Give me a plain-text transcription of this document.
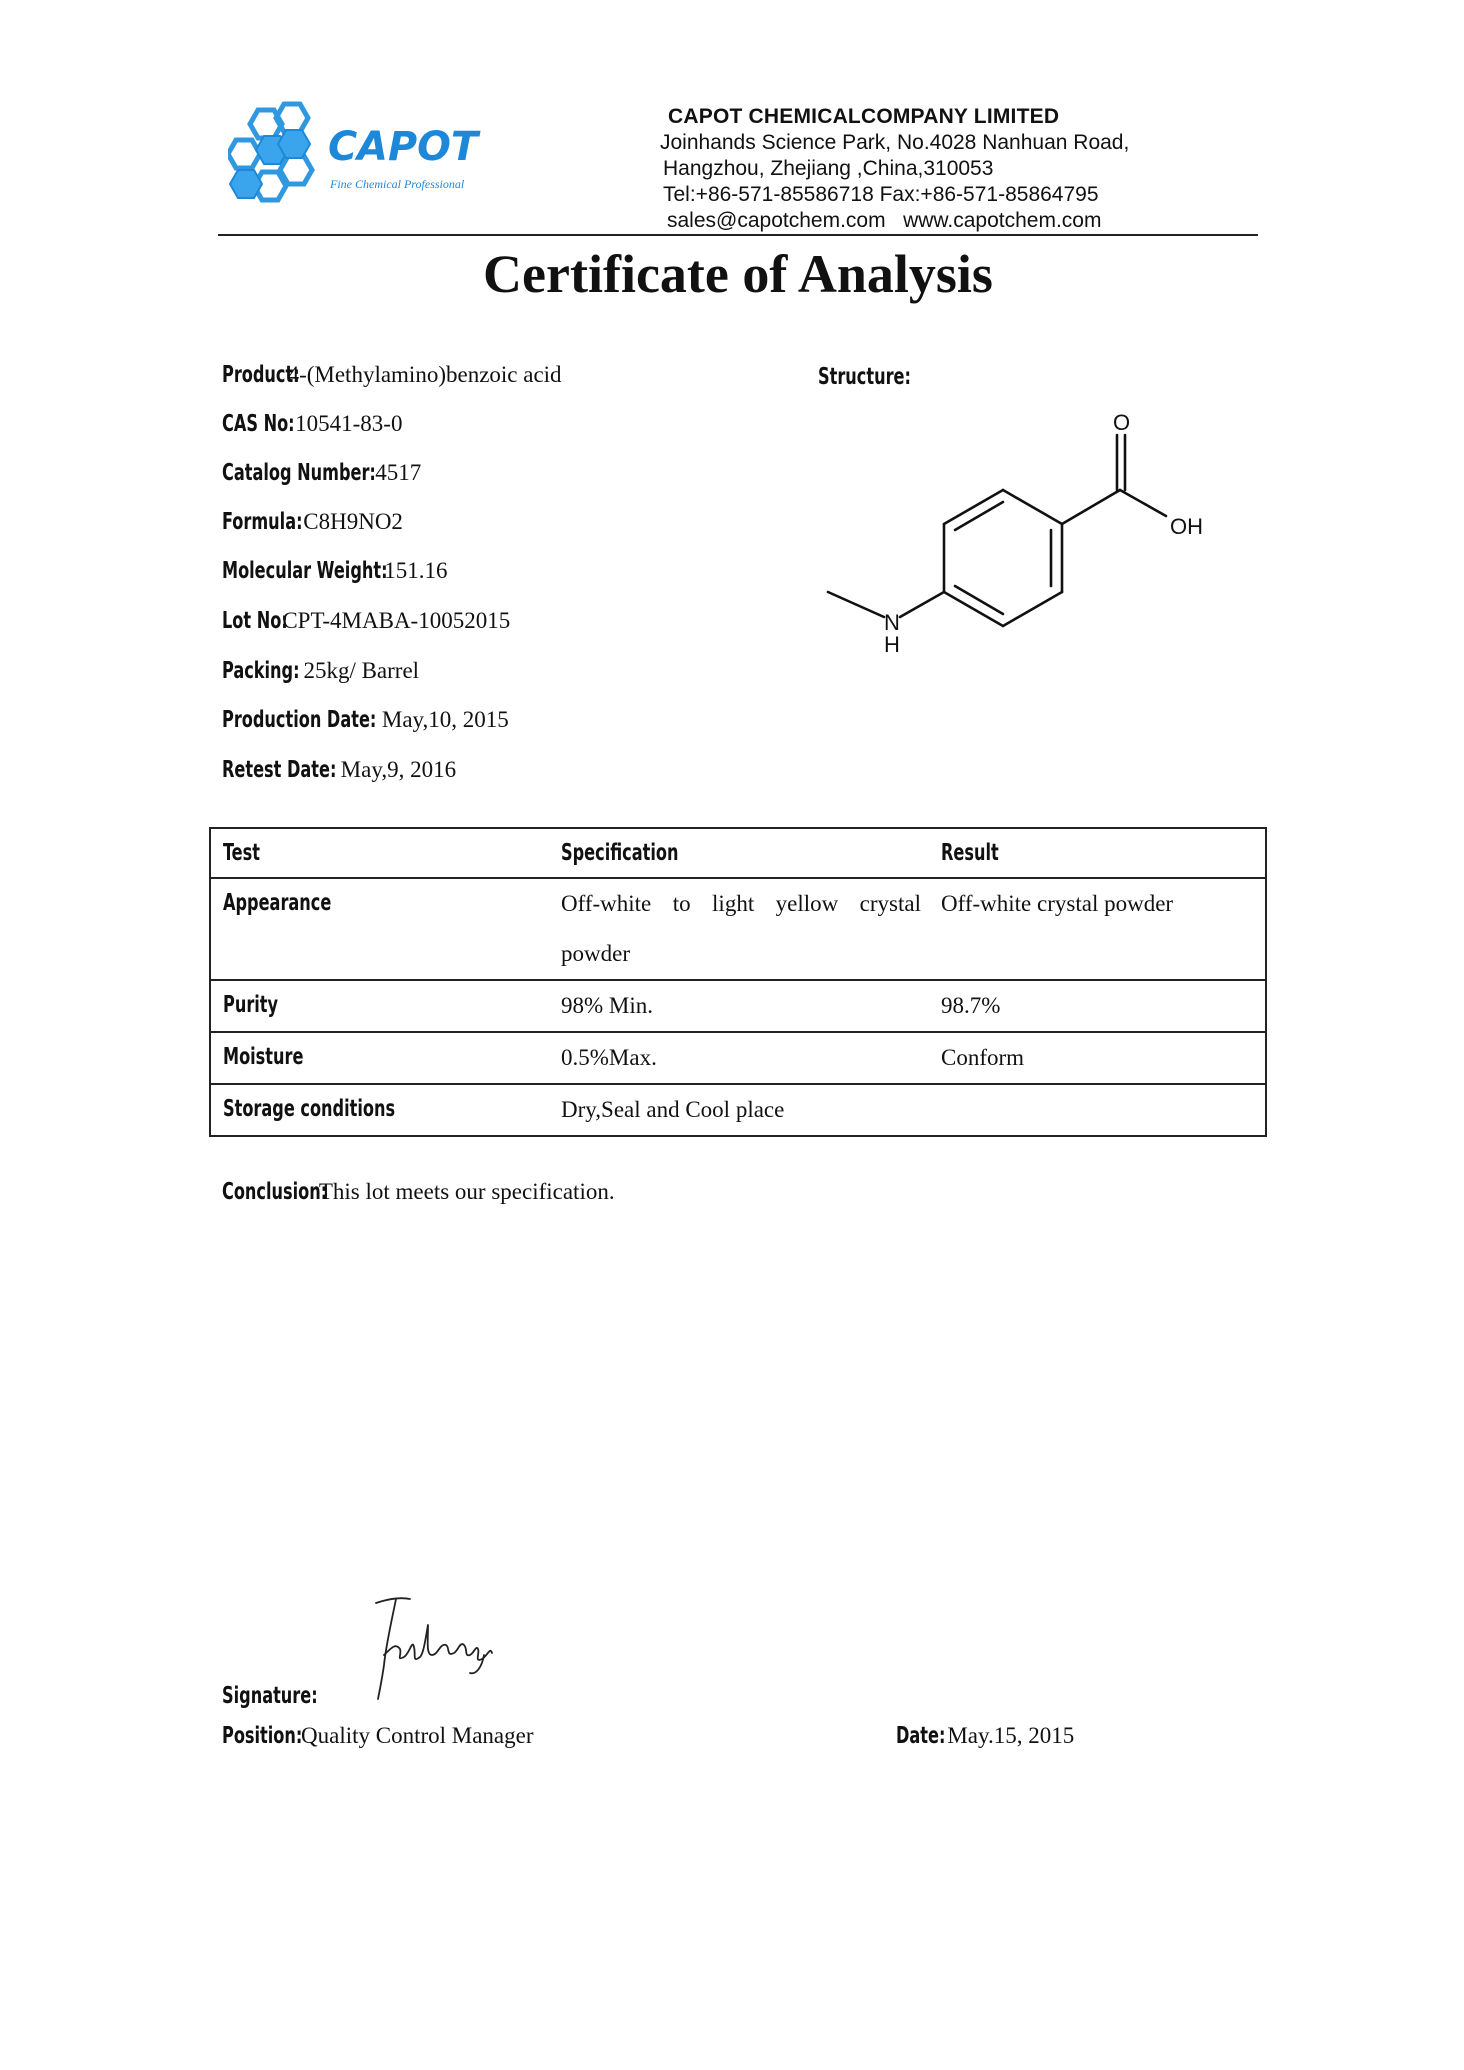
CAPOT
Fine Chemical Professional
CAPOT CHEMICALCOMPANY LIMITED
Joinhands Science Park, No.4028 Nanhuan Road,
Hangzhou, Zhejiang ,China,310053
Tel:+86-571-85586718 Fax:+86-571-85864795
sales@capotchem.com   www.capotchem.com
Certificate of Analysis
Product:4-(Methylamino)benzoic acid
CAS No:10541-83-0
Catalog Number:4517
Formula:C8H9NO2
Molecular Weight:151.16
Lot No:CPT-4MABA-10052015
Packing: 25kg/ Barrel
Production Date: May,10, 2015
Retest Date: May,9, 2016
Structure:
O
OH
N
H
Test	Specification	Result
Appearance	Off-white to light yellow crystal powder	Off-white crystal powder

Purity	98% Min.	98.7%

Moisture	0.5%Max.	Conform

Storage conditions	Dry,Seal and Cool place	

Conclusion:This lot meets our specification.
Signature:
Position:Quality Control Manager	Date:May.15, 2015
